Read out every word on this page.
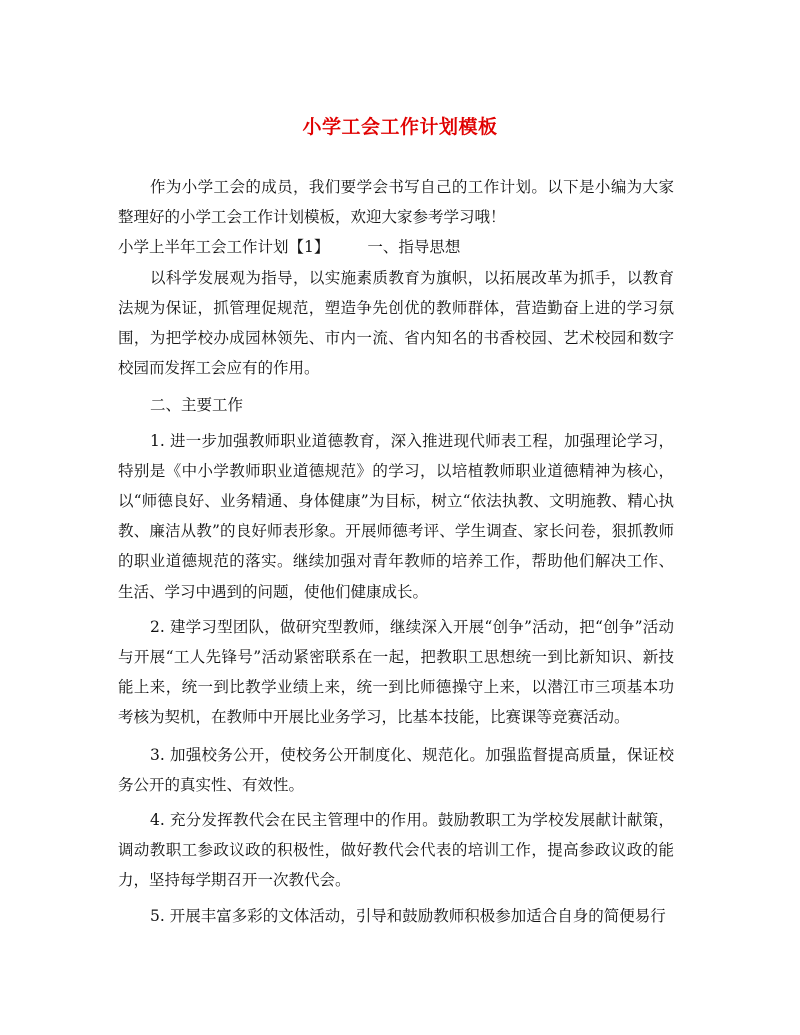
小学工会工作计划模板

作为小学工会的成员，我们要学会书写自己的工作计划。以下是小编为大家整理好的小学工会工作计划模板，欢迎大家参考学习哦！

小学上半年工会工作计划【1】 一、指导思想

以科学发展观为指导，以实施素质教育为旗帜，以拓展改革为抓手，以教育法规为保证，抓管理促规范，塑造争先创优的教师群体，营造勤奋上进的学习氛围，为把学校办成园林领先、市内一流、省内知名的书香校园、艺术校园和数字校园而发挥工会应有的作用。

二、主要工作

1. 进一步加强教师职业道德教育，深入推进现代师表工程，加强理论学习，特别是《中小学教师职业道德规范》的学习，以培植教师职业道德精神为核心，以“师德良好、业务精通、身体健康”为目标，树立“依法执教、文明施教、精心执教、廉洁从教”的良好师表形象。开展师德考评、学生调查、家长问卷，狠抓教师的职业道德规范的落实。继续加强对青年教师的培养工作，帮助他们解决工作、生活、学习中遇到的问题，使他们健康成长。

2. 建学习型团队，做研究型教师，继续深入开展“创争”活动，把“创争”活动与开展“工人先锋号”活动紧密联系在一起，把教职工思想统一到比新知识、新技能上来，统一到比教学业绩上来，统一到比师德操守上来，以潜江市三项基本功考核为契机，在教师中开展比业务学习，比基本技能，比赛课等竞赛活动。

3. 加强校务公开，使校务公开制度化、规范化。加强监督提高质量，保证校务公开的真实性、有效性。

4. 充分发挥教代会在民主管理中的作用。鼓励教职工为学校发展献计献策，调动教职工参政议政的积极性，做好教代会代表的培训工作，提高参政议政的能力，坚持每学期召开一次教代会。

5. 开展丰富多彩的文体活动，引导和鼓励教师积极参加适合自身的简便易行
